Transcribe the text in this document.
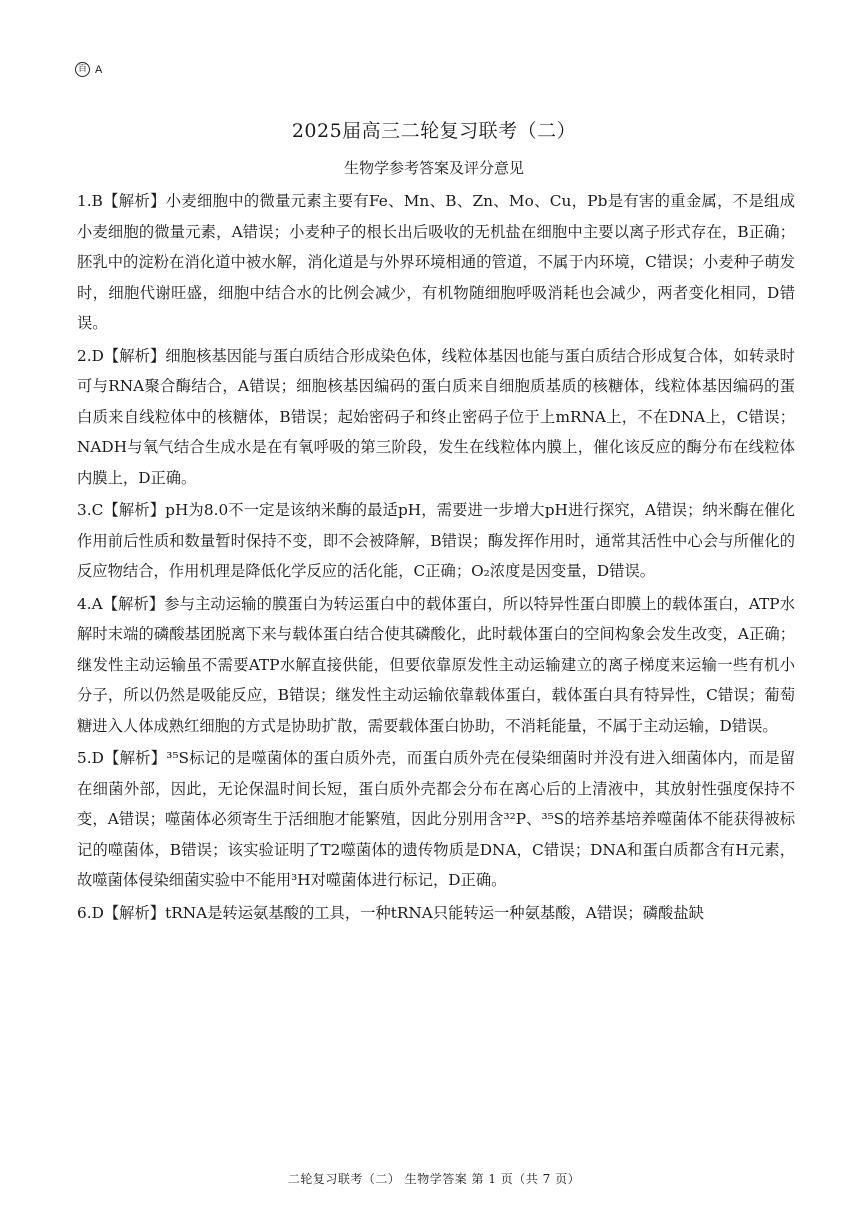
百 A
2025届高三二轮复习联考（二）
生物学参考答案及评分意见

1.B【解析】小麦细胞中的微量元素主要有Fe、Mn、B、Zn、Mo、Cu，Pb是有害的重金属，不是组成小麦细胞的微量元素，A错误；小麦种子的根长出后吸收的无机盐在细胞中主要以离子形式存在，B正确；胚乳中的淀粉在消化道中被水解，消化道是与外界环境相通的管道，不属于内环境，C错误；小麦种子萌发时，细胞代谢旺盛，细胞中结合水的比例会减少，有机物随细胞呼吸消耗也会减少，两者变化相同，D错误。

2.D【解析】细胞核基因能与蛋白质结合形成染色体，线粒体基因也能与蛋白质结合形成复合体，如转录时可与RNA聚合酶结合，A错误；细胞核基因编码的蛋白质来自细胞质基质的核糖体，线粒体基因编码的蛋白质来自线粒体中的核糖体，B错误；起始密码子和终止密码子位于上mRNA上，不在DNA上，C错误；NADH与氧气结合生成水是在有氧呼吸的第三阶段，发生在线粒体内膜上，催化该反应的酶分布在线粒体内膜上，D正确。

3.C【解析】pH为8.0不一定是该纳米酶的最适pH，需要进一步增大pH进行探究，A错误；纳米酶在催化作用前后性质和数量暂时保持不变，即不会被降解，B错误；酶发挥作用时，通常其活性中心会与所催化的反应物结合，作用机理是降低化学反应的活化能，C正确；O₂浓度是因变量，D错误。

4.A【解析】参与主动运输的膜蛋白为转运蛋白中的载体蛋白，所以特异性蛋白即膜上的载体蛋白，ATP水解时末端的磷酸基团脱离下来与载体蛋白结合使其磷酸化，此时载体蛋白的空间构象会发生改变，A正确；继发性主动运输虽不需要ATP水解直接供能，但要依靠原发性主动运输建立的离子梯度来运输一些有机小分子，所以仍然是吸能反应，B错误；继发性主动运输依靠载体蛋白，载体蛋白具有特异性，C错误；葡萄糖进入人体成熟红细胞的方式是协助扩散，需要载体蛋白协助，不消耗能量，不属于主动运输，D错误。

5.D【解析】³⁵S标记的是噬菌体的蛋白质外壳，而蛋白质外壳在侵染细菌时并没有进入细菌体内，而是留在细菌外部，因此，无论保温时间长短，蛋白质外壳都会分布在离心后的上清液中，其放射性强度保持不变，A错误；噬菌体必须寄生于活细胞才能繁殖，因此分别用含³²P、³⁵S的培养基培养噬菌体不能获得被标记的噬菌体，B错误；该实验证明了T2噬菌体的遗传物质是DNA，C错误；DNA和蛋白质都含有H元素，故噬菌体侵染细菌实验中不能用³H对噬菌体进行标记，D正确。

6.D【解析】tRNA是转运氨基酸的工具，一种tRNA只能转运一种氨基酸，A错误；磷酸盐缺

二轮复习联考（二） 生物学答案 第 1 页（共 7 页）
